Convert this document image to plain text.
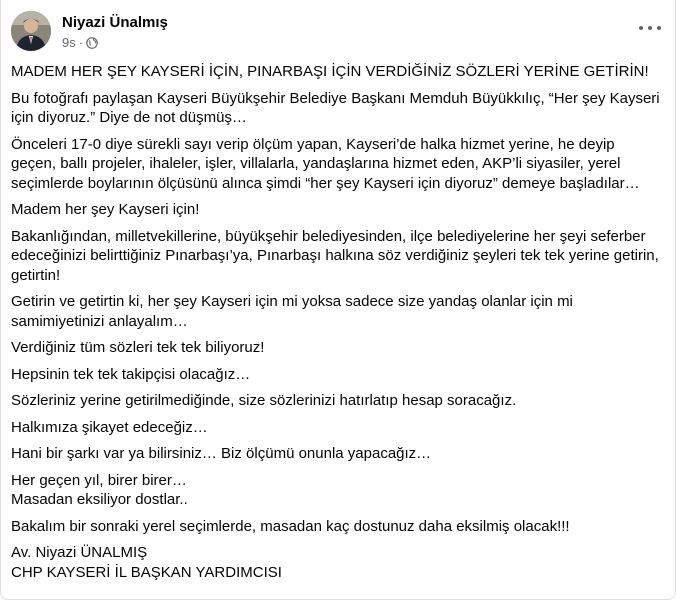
Niyazi Ünalmış
9s ·

MADEM HER ŞEY KAYSERİ İÇİN, PINARBAŞI İÇİN VERDİĞİNİZ SÖZLERİ YERİNE GETİRİN!

Bu fotoğrafı paylaşan Kayseri Büyükşehir Belediye Başkanı Memduh Büyükkılıç, “Her şey Kayseri için diyoruz.” Diye de not düşmüş…

Önceleri 17-0 diye sürekli sayı verip ölçüm yapan, Kayseri’de halka hizmet yerine, he deyip geçen, ballı projeler, ihaleler, işler, villalarla, yandaşlarına hizmet eden, AKP’li siyasiler, yerel seçimlerde boylarının ölçüsünü alınca şimdi “her şey Kayseri için diyoruz” demeye başladılar…

Madem her şey Kayseri için!

Bakanlığından, milletvekillerine, büyükşehir belediyesinden, ilçe belediyelerine her şeyi seferber edeceğinizi belirttiğiniz Pınarbaşı’ya, Pınarbaşı halkına söz verdiğiniz şeyleri tek tek yerine getirin, getirtin!

Getirin ve getirtin ki, her şey Kayseri için mi yoksa sadece size yandaş olanlar için mi samimiyetinizi anlayalım…

Verdiğiniz tüm sözleri tek tek biliyoruz!

Hepsinin tek tek takipçisi olacağız…

Sözleriniz yerine getirilmediğinde, size sözlerinizi hatırlatıp hesap soracağız.

Halkımıza şikayet edeceğiz…

Hani bir şarkı var ya bilirsiniz… Biz ölçümü onunla yapacağız…

Her geçen yıl, birer birer…

Masadan eksiliyor dostlar..

Bakalım bir sonraki yerel seçimlerde, masadan kaç dostunuz daha eksilmiş olacak!!!

Av. Niyazi ÜNALMIŞ

CHP KAYSERİ İL BAŞKAN YARDIMCISI
